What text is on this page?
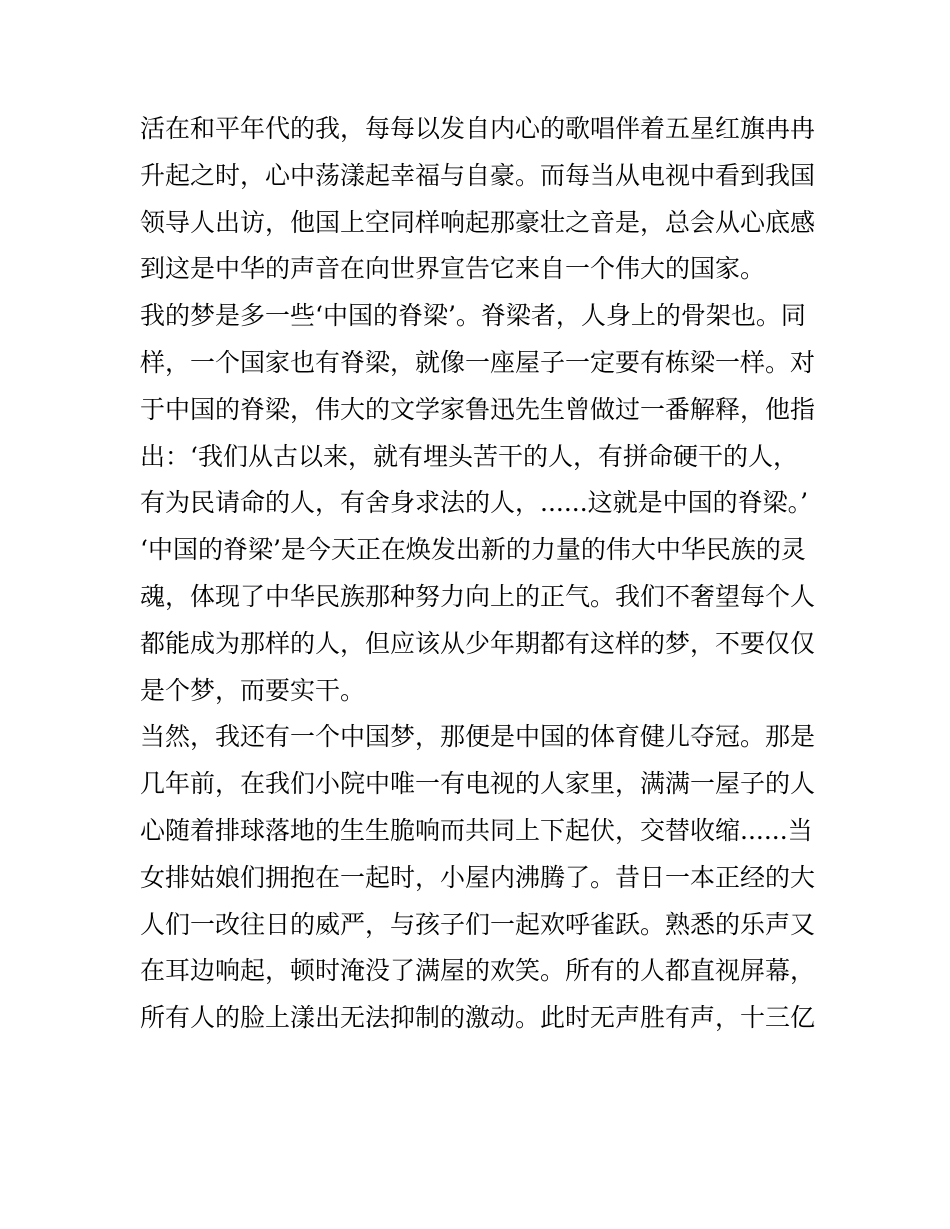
活在和平年代的我，每每以发自内心的歌唱伴着五星红旗冉冉
升起之时，心中荡漾起幸福与自豪。而每当从电视中看到我国
领导人出访，他国上空同样响起那豪壮之音是，总会从心底感
到这是中华的声音在向世界宣告它来自一个伟大的国家。
我的梦是多一些‘中国的脊梁’。脊梁者，人身上的骨架也。同
样，一个国家也有脊梁，就像一座屋子一定要有栋梁一样。对
于中国的脊梁，伟大的文学家鲁迅先生曾做过一番解释，他指
出：‘我们从古以来，就有埋头苦干的人，有拼命硬干的人，
有为民请命的人，有舍身求法的人，......这就是中国的脊梁。’
‘中国的脊梁’是今天正在焕发出新的力量的伟大中华民族的灵
魂，体现了中华民族那种努力向上的正气。我们不奢望每个人
都能成为那样的人，但应该从少年期都有这样的梦，不要仅仅
是个梦，而要实干。
当然，我还有一个中国梦，那便是中国的体育健儿夺冠。那是
几年前，在我们小院中唯一有电视的人家里，满满一屋子的人
心随着排球落地的生生脆响而共同上下起伏，交替收缩......当
女排姑娘们拥抱在一起时，小屋内沸腾了。昔日一本正经的大
人们一改往日的威严，与孩子们一起欢呼雀跃。熟悉的乐声又
在耳边响起，顿时淹没了满屋的欢笑。所有的人都直视屏幕，
所有人的脸上漾出无法抑制的激动。此时无声胜有声，十三亿
